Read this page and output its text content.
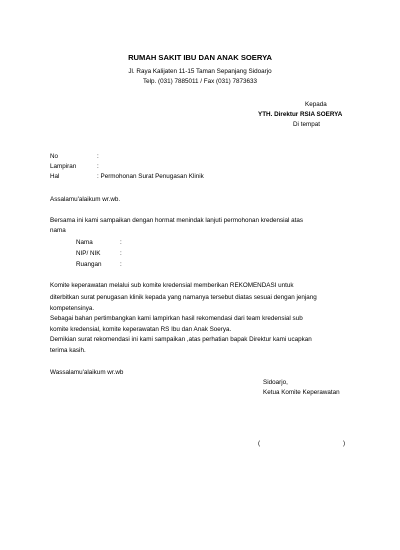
RUMAH SAKIT IBU DAN ANAK SOERYA
Jl. Raya Kalijaten 11-15 Taman Sepanjang Sidoarjo
Telp. (031) 7885011 / Fax (031) 7873633
Kepada
YTH. Direktur RSIA SOERYA
Di tempat
No	:
Lampiran	:
Hal	: Permohonan Surat Penugasan Klinik
Assalamu'alaikum wr.wb.
Bersama ini kami sampaikan dengan hormat menindak lanjuti permohonan kredensial atas
nama
Nama	:
NIP/ NIK	:
Ruangan	:
Komite keperawatan melalui sub komite kredensial memberikan REKOMENDASI untuk
diterbitkan surat penugasan klinik kepada yang namanya tersebut diatas sesuai dengan jenjang
kompetensinya.
Sebagai bahan pertimbangkan kami lampirkan hasil rekomendasi dari team kredensial sub
komite kredensial, komite keperawatan RS Ibu dan Anak Soerya.
Demikian surat rekomendasi ini kami sampaikan ,atas perhatian bapak Direktur kami ucapkan
terima kasih.
Wassalamu'alaikum wr.wb
Sidoarjo,
Ketua Komite Keperawatan
(	)
